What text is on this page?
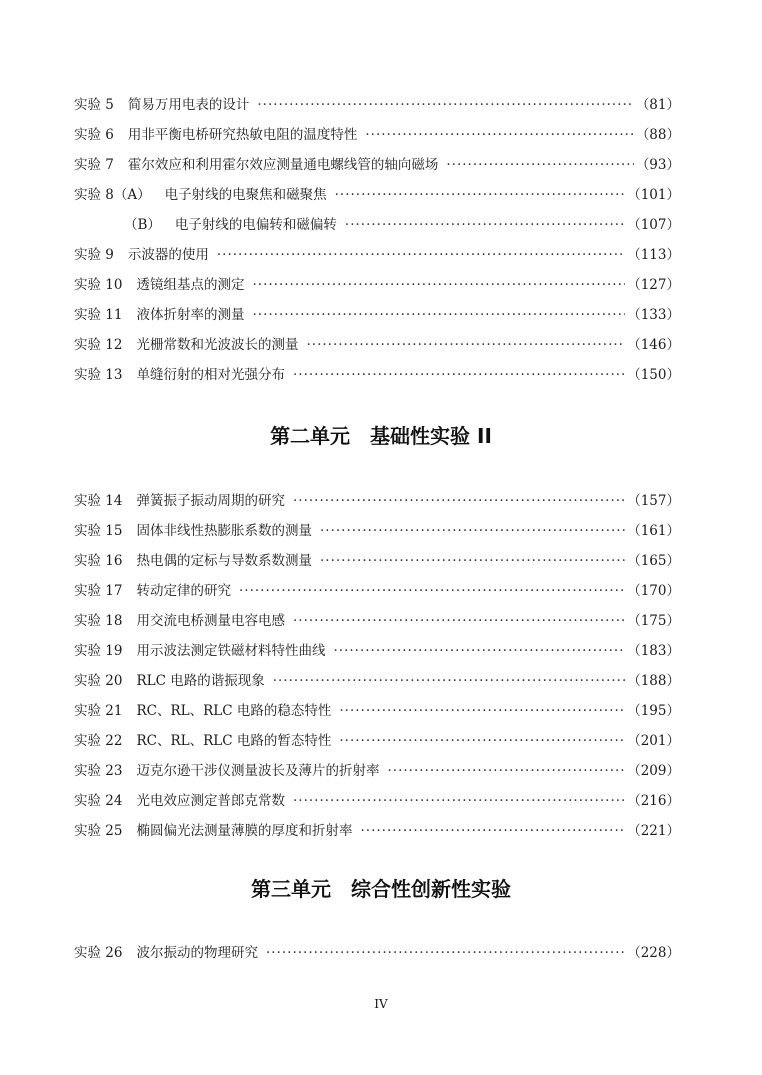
实验 5 简易万用电表的设计 ·····	（81）
实验 6 用非平衡电桥研究热敏电阻的温度特性 ·····	（88）
实验 7 霍尔效应和利用霍尔效应测量通电螺线管的轴向磁场 ·····	（93）
实验 8（A） 电子射线的电聚焦和磁聚焦 ·····	（101）
（B） 电子射线的电偏转和磁偏转 ·····	（107）
实验 9 示波器的使用 ·····	（113）
实验 10 透镜组基点的测定 ·····	（127）
实验 11 液体折射率的测量 ·····	（133）
实验 12 光栅常数和光波波长的测量 ·····	（146）
实验 13 单缝衍射的相对光强分布 ·····	（150）
第二单元　基础性实验 II
实验 14 弹簧振子振动周期的研究 ·····	（157）
实验 15 固体非线性热膨胀系数的测量 ·····	（161）
实验 16 热电偶的定标与导数系数测量 ·····	（165）
实验 17 转动定律的研究 ·····	（170）
实验 18 用交流电桥测量电容电感 ·····	（175）
实验 19 用示波法测定铁磁材料特性曲线 ·····	（183）
实验 20 RLC 电路的谐振现象 ·····	（188）
实验 21 RC、RL、RLC 电路的稳态特性 ·····	（195）
实验 22 RC、RL、RLC 电路的暂态特性 ·····	（201）
实验 23 迈克尔逊干涉仪测量波长及薄片的折射率 ·····	（209）
实验 24 光电效应测定普郎克常数 ·····	（216）
实验 25 椭圆偏光法测量薄膜的厚度和折射率 ·····	（221）
第三单元　综合性创新性实验
实验 26 波尔振动的物理研究 ·····	（228）
IV
